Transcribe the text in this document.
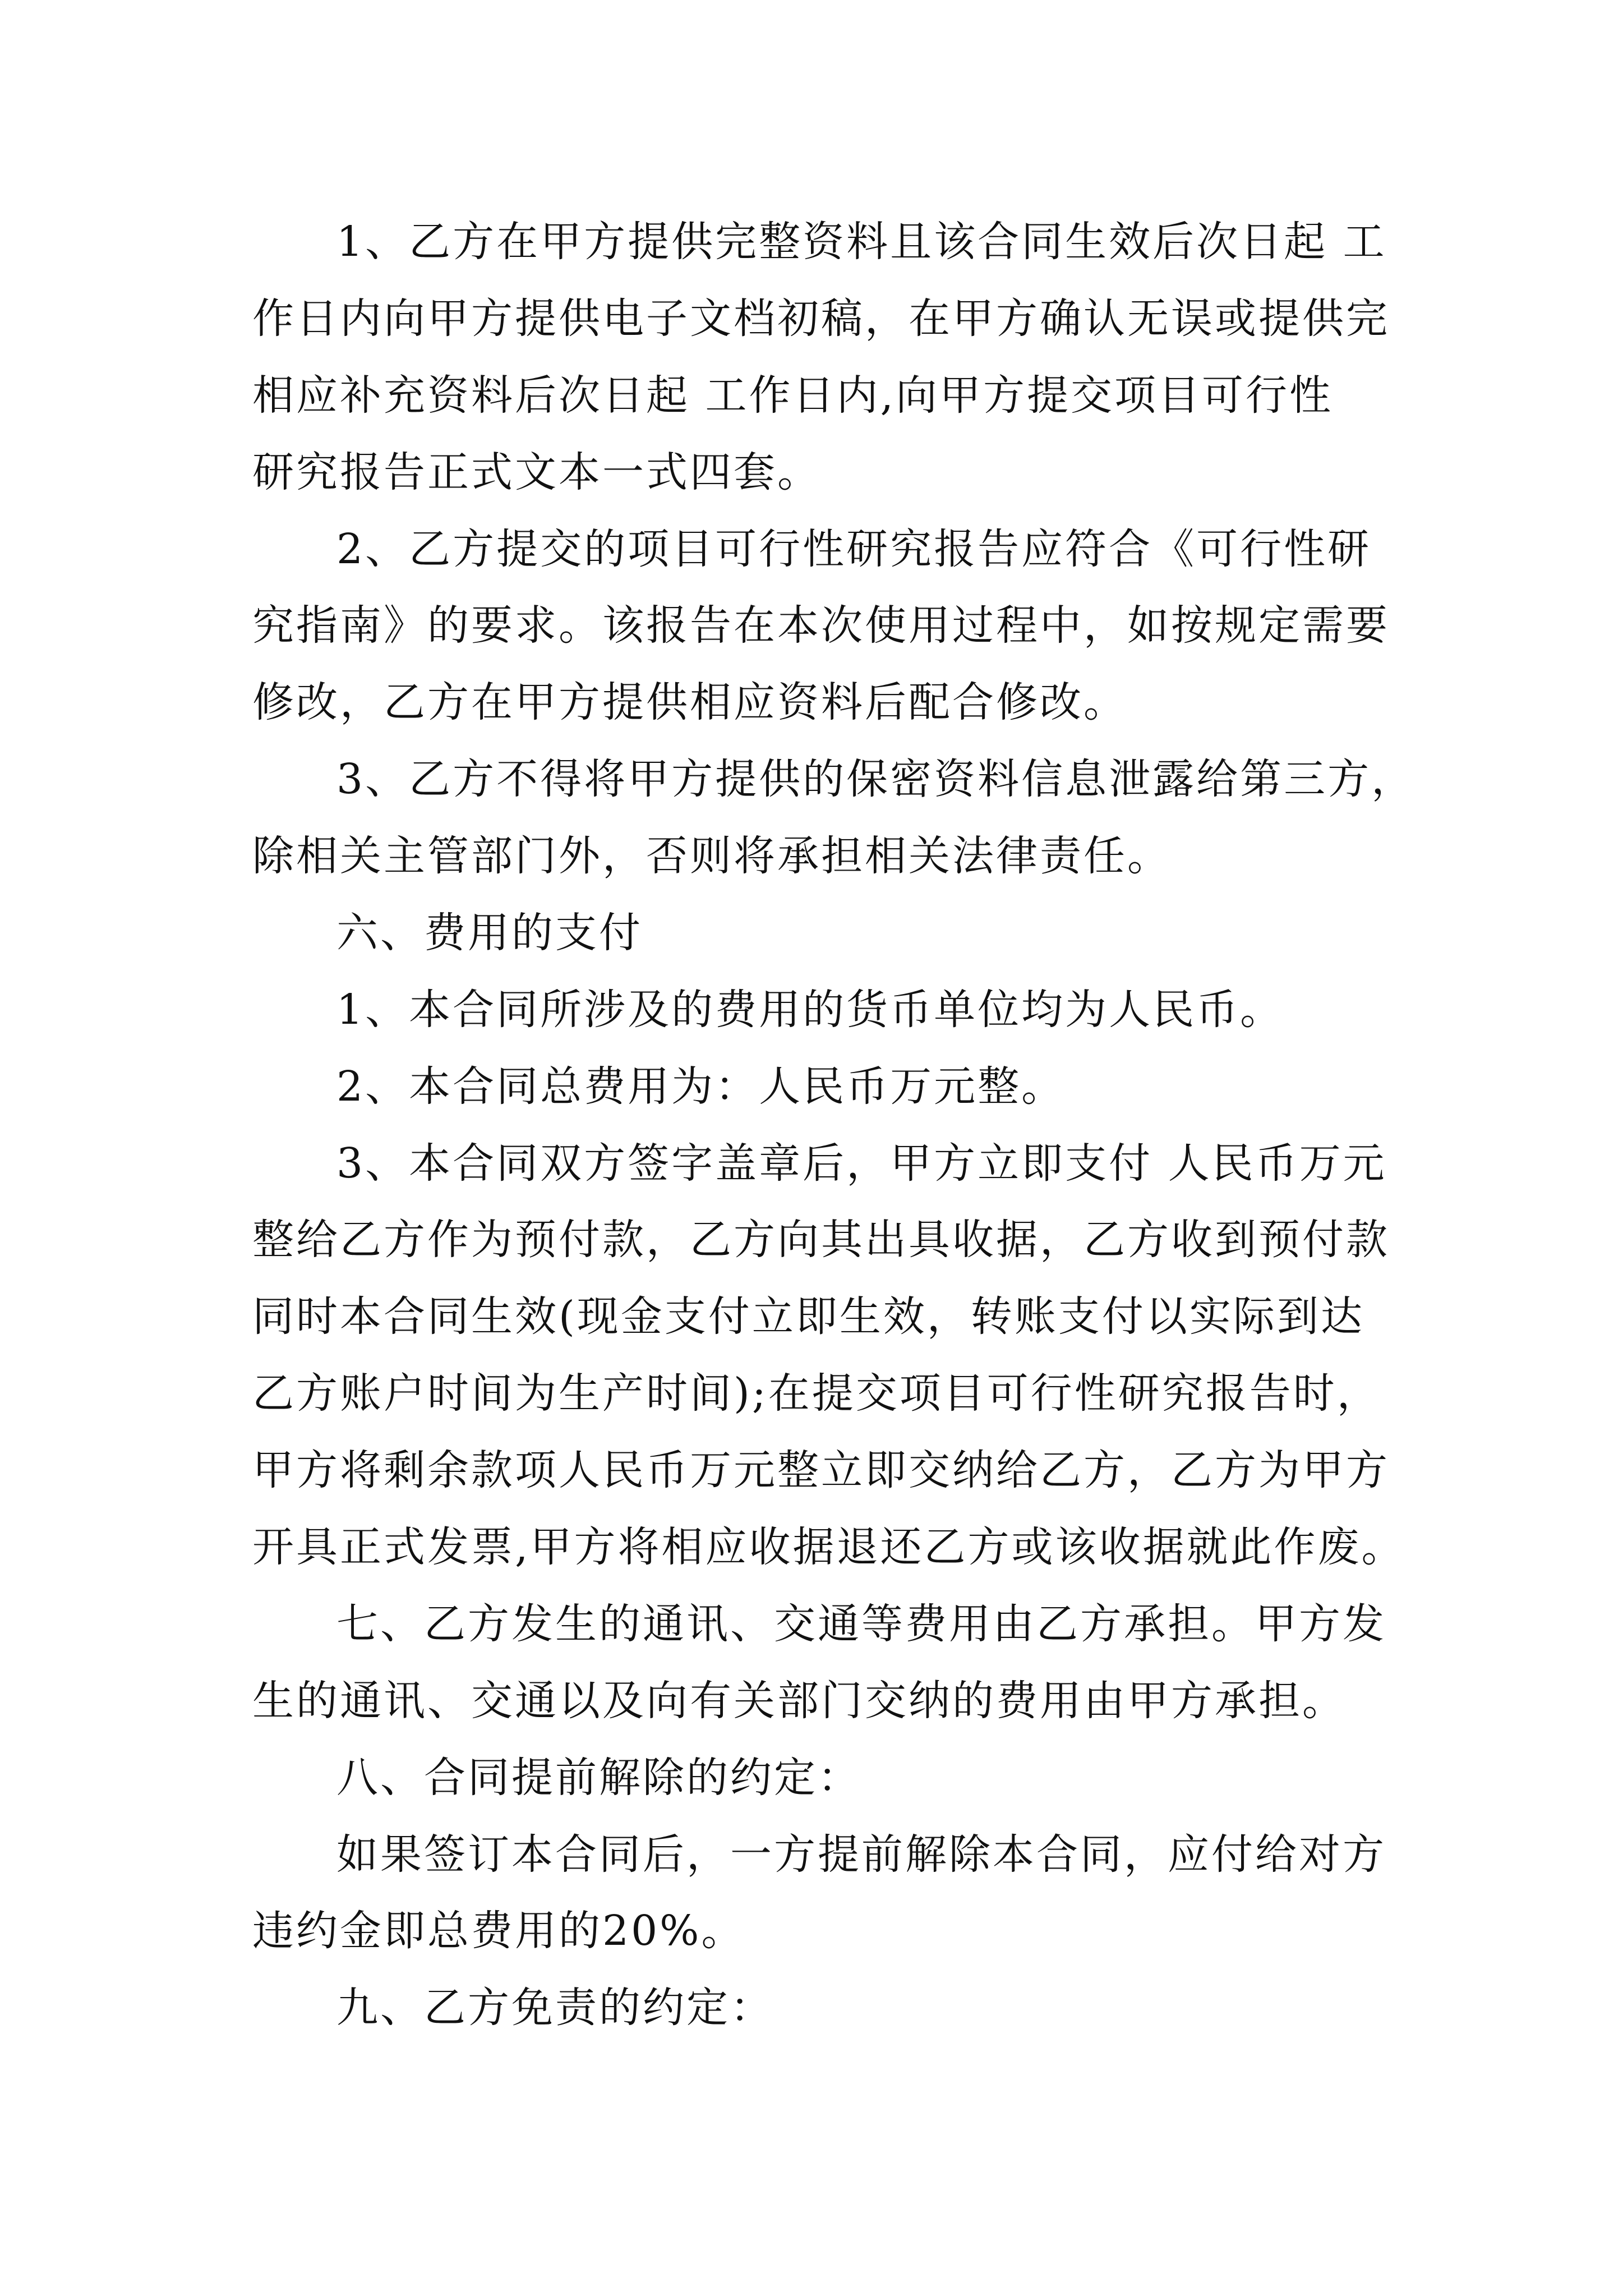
1、乙方在甲方提供完整资料且该合同生效后次日起 工
作日内向甲方提供电子文档初稿，在甲方确认无误或提供完
相应补充资料后次日起 工作日内,向甲方提交项目可行性
研究报告正式文本一式四套。
2、乙方提交的项目可行性研究报告应符合《可行性研
究指南》的要求。该报告在本次使用过程中，如按规定需要
修改，乙方在甲方提供相应资料后配合修改。
3、乙方不得将甲方提供的保密资料信息泄露给第三方，
除相关主管部门外，否则将承担相关法律责任。
六、费用的支付
1、本合同所涉及的费用的货币单位均为人民币。
2、本合同总费用为：人民币万元整。
3、本合同双方签字盖章后，甲方立即支付 人民币万元
整给乙方作为预付款，乙方向其出具收据，乙方收到预付款
同时本合同生效(现金支付立即生效，转账支付以实际到达
乙方账户时间为生产时间);在提交项目可行性研究报告时，
甲方将剩余款项人民币万元整立即交纳给乙方，乙方为甲方
开具正式发票,甲方将相应收据退还乙方或该收据就此作废。
七、乙方发生的通讯、交通等费用由乙方承担。甲方发
生的通讯、交通以及向有关部门交纳的费用由甲方承担。
八、合同提前解除的约定：
如果签订本合同后，一方提前解除本合同，应付给对方
违约金即总费用的20%。
九、乙方免责的约定：
